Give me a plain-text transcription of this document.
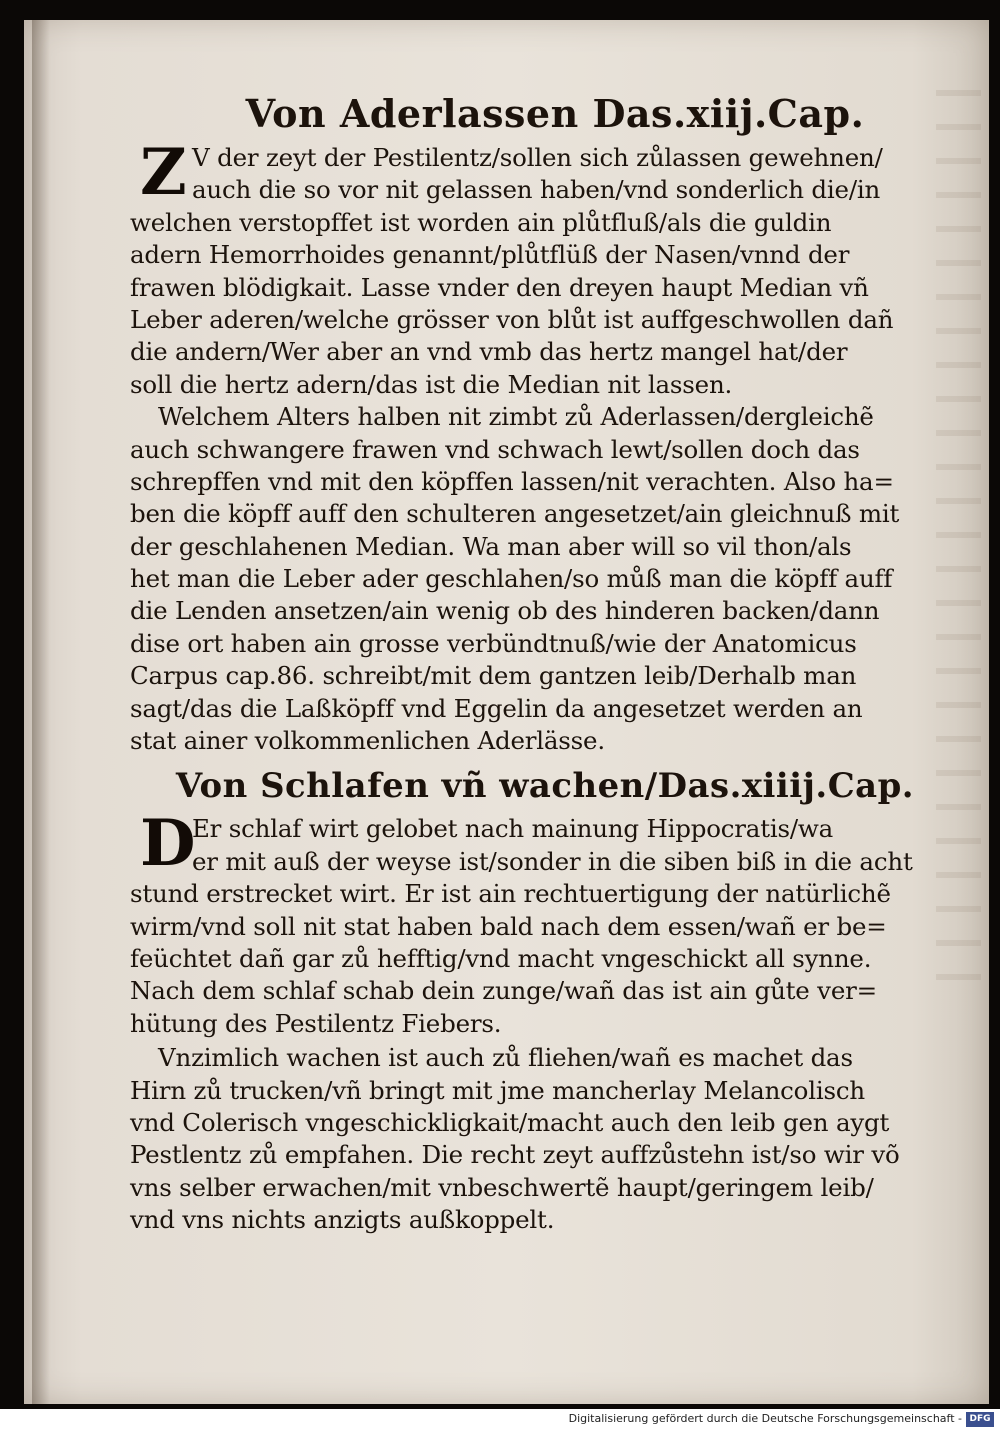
Von Aderlassen Das.xiij.Cap.
Z V der zeyt der Pestilentz/sollen sich zůlassen gewehnen/
auch die so vor nit gelassen haben/vnd sonderlich die/in
welchen verstopffet ist worden ain plůtfluß/als die guldin
adern Hemorrhoides genannt/plůtflüß der Nasen/vnnd der
frawen blödigkait. Lasse vnder den dreyen haupt Median vñ
Leber aderen/welche grösser von blůt ist auffgeschwollen dañ
die andern/Wer aber an vnd vmb das hertz mangel hat/der
soll die hertz adern/das ist die Median nit lassen.
Welchem Alters halben nit zimbt zů Aderlassen/dergleichẽ
auch schwangere frawen vnd schwach lewt/sollen doch das
schrepffen vnd mit den köpffen lassen/nit verachten. Also ha=
ben die köpff auff den schulteren angesetzet/ain gleichnuß mit
der geschlahenen Median. Wa man aber will so vil thon/als
het man die Leber ader geschlahen/so můß man die köpff auff
die Lenden ansetzen/ain wenig ob des hinderen backen/dann
dise ort haben ain grosse verbündtnuß/wie der Anatomicus
Carpus cap.86. schreibt/mit dem gantzen leib/Derhalb man
sagt/das die Laßköpff vnd Eggelin da angesetzet werden an
stat ainer volkommenlichen Aderlässe.
Von Schlafen vñ wachen/Das.xiiij.Cap.
D
Er schlaf wirt gelobet nach mainung Hippocratis/wa
er mit auß der weyse ist/sonder in die siben biß in die acht
stund erstrecket wirt. Er ist ain rechtuertigung der natürlichẽ
wirm/vnd soll nit stat haben bald nach dem essen/wañ er be=
feüchtet dañ gar zů hefftig/vnd macht vngeschickt all synne.
Nach dem schlaf schab dein zunge/wañ das ist ain gůte ver=
hütung des Pestilentz Fiebers.
Vnzimlich wachen ist auch zů fliehen/wañ es machet das
Hirn zů trucken/vñ bringt mit jme mancherlay Melancolisch
vnd Colerisch vngeschickligkait/macht auch den leib gen aygt
Pestlentz zů empfahen. Die recht zeyt auffzůstehn ist/so wir võ
vns selber erwachen/mit vnbeschwertẽ haupt/geringem leib/
vnd vns nichts anzigts außkoppelt.
Digitalisierung gefördert durch die Deutsche Forschungsgemeinschaft - DFG
